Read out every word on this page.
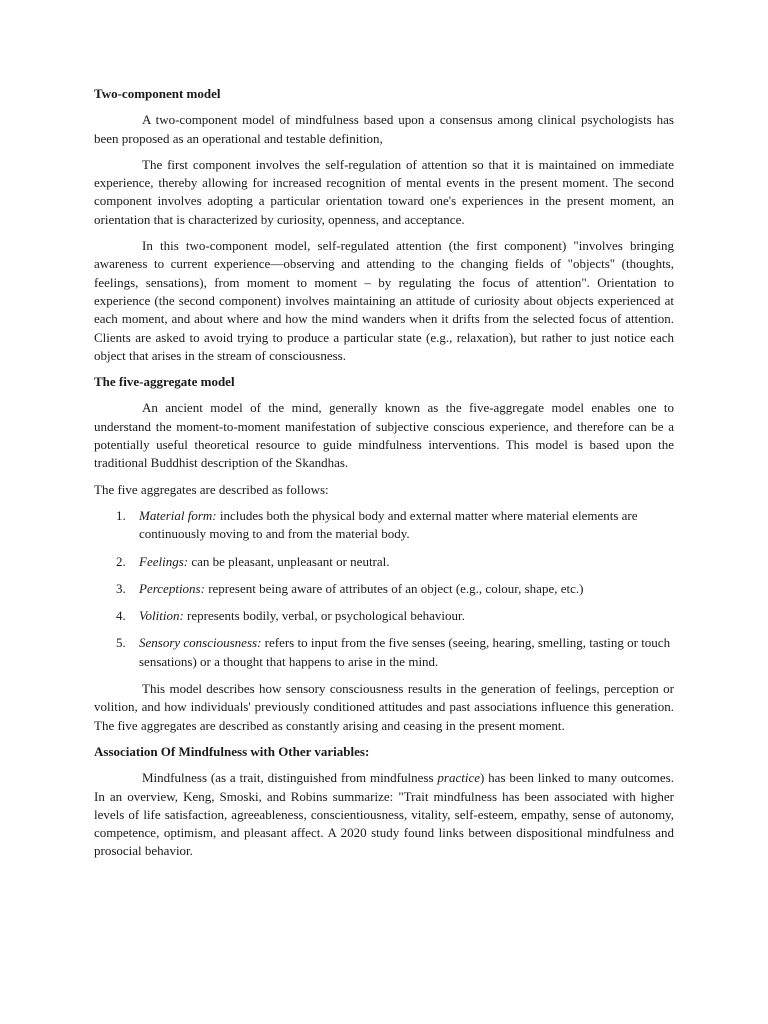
Two-component model

A two-component model of mindfulness based upon a consensus among clinical psychologists has been proposed as an operational and testable definition,

The first component involves the self-regulation of attention so that it is maintained on immediate experience, thereby allowing for increased recognition of mental events in the present moment. The second component involves adopting a particular orientation toward one's experiences in the present moment, an orientation that is characterized by curiosity, openness, and acceptance.

In this two-component model, self-regulated attention (the first component) "involves bringing awareness to current experience—observing and attending to the changing fields of "objects" (thoughts, feelings, sensations), from moment to moment – by regulating the focus of attention". Orientation to experience (the second component) involves maintaining an attitude of curiosity about objects experienced at each moment, and about where and how the mind wanders when it drifts from the selected focus of attention. Clients are asked to avoid trying to produce a particular state (e.g., relaxation), but rather to just notice each object that arises in the stream of consciousness.

The five-aggregate model

An ancient model of the mind, generally known as the five-aggregate model enables one to understand the moment-to-moment manifestation of subjective conscious experience, and therefore can be a potentially useful theoretical resource to guide mindfulness interventions. This model is based upon the traditional Buddhist description of the Skandhas.

The five aggregates are described as follows:

1. Material form: includes both the physical body and external matter where material elements are continuously moving to and from the material body.
2. Feelings: can be pleasant, unpleasant or neutral.
3. Perceptions: represent being aware of attributes of an object (e.g., colour, shape, etc.)
4. Volition: represents bodily, verbal, or psychological behaviour.
5. Sensory consciousness: refers to input from the five senses (seeing, hearing, smelling, tasting or touch sensations) or a thought that happens to arise in the mind.

This model describes how sensory consciousness results in the generation of feelings, perception or volition, and how individuals' previously conditioned attitudes and past associations influence this generation. The five aggregates are described as constantly arising and ceasing in the present moment.

Association Of Mindfulness with Other variables:

Mindfulness (as a trait, distinguished from mindfulness practice) has been linked to many outcomes. In an overview, Keng, Smoski, and Robins summarize: "Trait mindfulness has been associated with higher levels of life satisfaction, agreeableness, conscientiousness, vitality, self-esteem, empathy, sense of autonomy, competence, optimism, and pleasant affect. A 2020 study found links between dispositional mindfulness and prosocial behavior.
